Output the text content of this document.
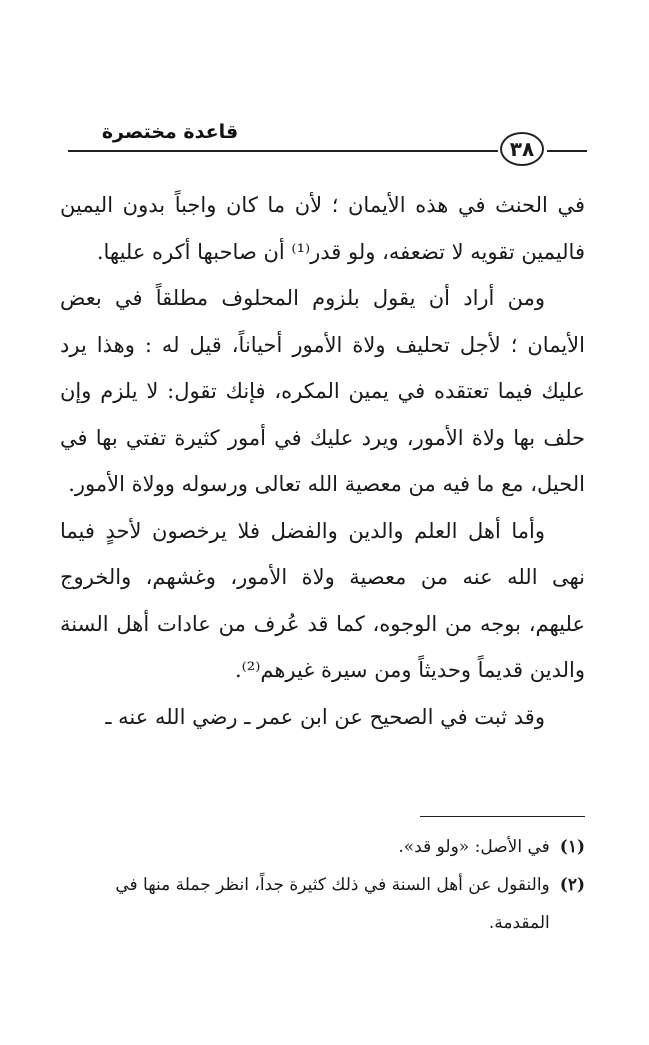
قاعدة مختصرة
٣٨

في الحنث في هذه الأيمان ؛ لأن ما كان واجباً بدون اليمين فاليمين تقويه لا تضعفه، ولو قدر⁽¹⁾ أن صاحبها أكره عليها.

ومن أراد أن يقول بلزوم المحلوف مطلقاً في بعض الأيمان ؛ لأجل تحليف ولاة الأمور أحياناً، قيل له : وهذا يرد عليك فيما تعتقده في يمين المكره، فإنك تقول: لا يلزم وإن حلف بها ولاة الأمور، ويرد عليك في أمور كثيرة تفتي بها في الحيل، مع ما فيه من معصية الله تعالى ورسوله وولاة الأمور.

وأما أهل العلم والدين والفضل فلا يرخصون لأحدٍ فيما نهى الله عنه من معصية ولاة الأمور، وغشهم، والخروج عليهم، بوجه من الوجوه، كما قد عُرف من عادات أهل السنة والدين قديماً وحديثاً ومن سيرة غيرهم⁽²⁾.

وقد ثبت في الصحيح عن ابن عمر ـ رضي الله عنه ـ

(١)
في الأصل: «ولو قد».
(٢)
والنقول عن أهل السنة في ذلك كثيرة جداً، انظر جملة منها في المقدمة.
